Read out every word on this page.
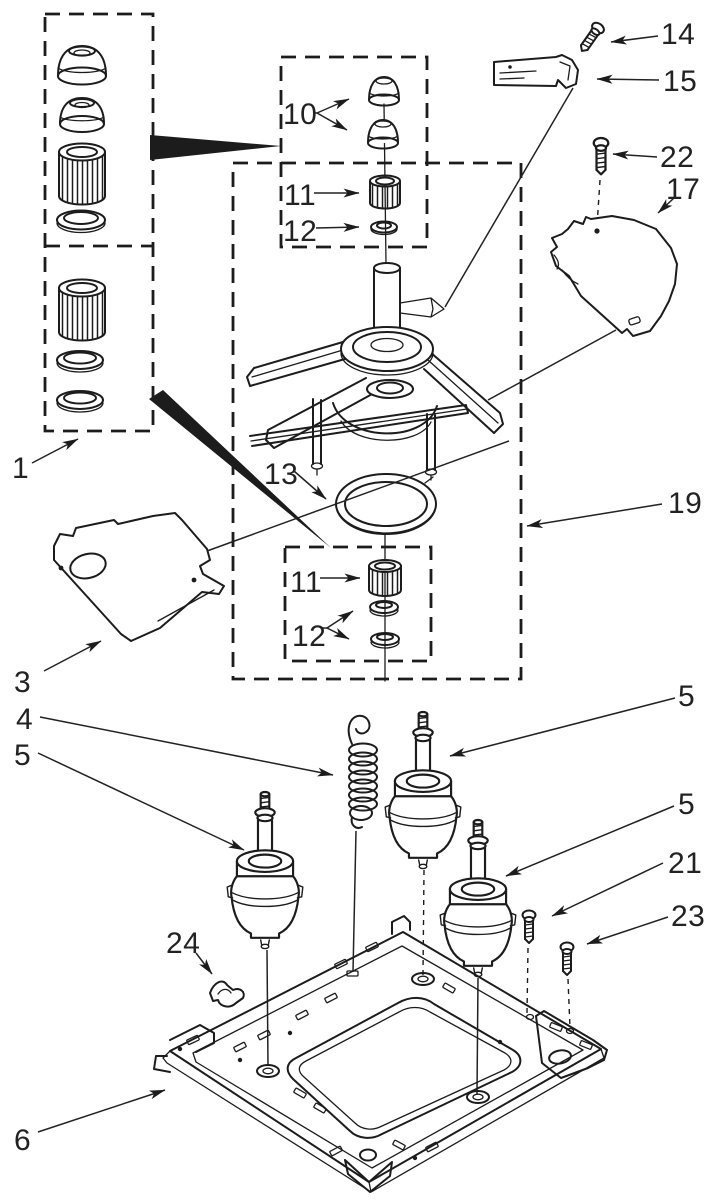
1
3
4
5
5
5
6
10
11
12
13
11
12
14
15
22
17
19
21
23
24
